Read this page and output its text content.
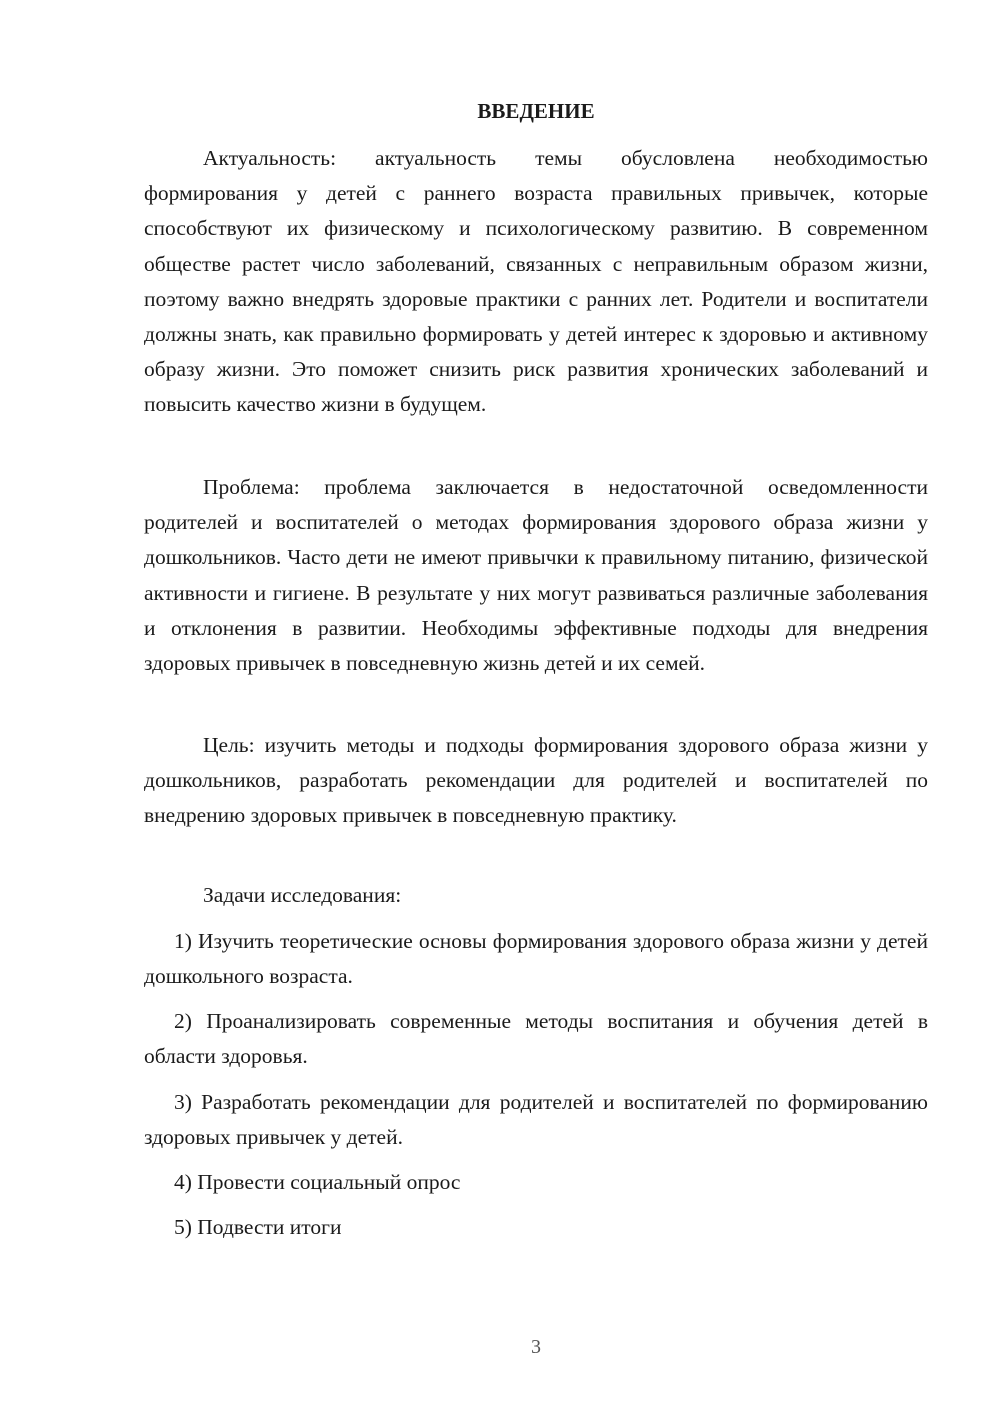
ВВЕДЕНИЕ

Актуальность: актуальность темы обусловлена необходимостью формирования у детей с раннего возраста правильных привычек, которые способствуют их физическому и психологическому развитию. В современном обществе растет число заболеваний, связанных с неправильным образом жизни, поэтому важно внедрять здоровые практики с ранних лет. Родители и воспитатели должны знать, как правильно формировать у детей интерес к здоровью и активному образу жизни. Это поможет снизить риск развития хронических заболеваний и повысить качество жизни в будущем.

Проблема: проблема заключается в недостаточной осведомленности родителей и воспитателей о методах формирования здорового образа жизни у дошкольников. Часто дети не имеют привычки к правильному питанию, физической активности и гигиене. В результате у них могут развиваться различные заболевания и отклонения в развитии. Необходимы эффективные подходы для внедрения здоровых привычек в повседневную жизнь детей и их семей.

Цель: изучить методы и подходы формирования здорового образа жизни у дошкольников, разработать рекомендации для родителей и воспитателей по внедрению здоровых привычек в повседневную практику.

Задачи исследования:

1) Изучить теоретические основы формирования здорового образа жизни у детей дошкольного возраста.

2) Проанализировать современные методы воспитания и обучения детей в области здоровья.

3) Разработать рекомендации для родителей и воспитателей по формированию здоровых привычек у детей.

4) Провести социальный опрос

5) Подвести итоги

3
